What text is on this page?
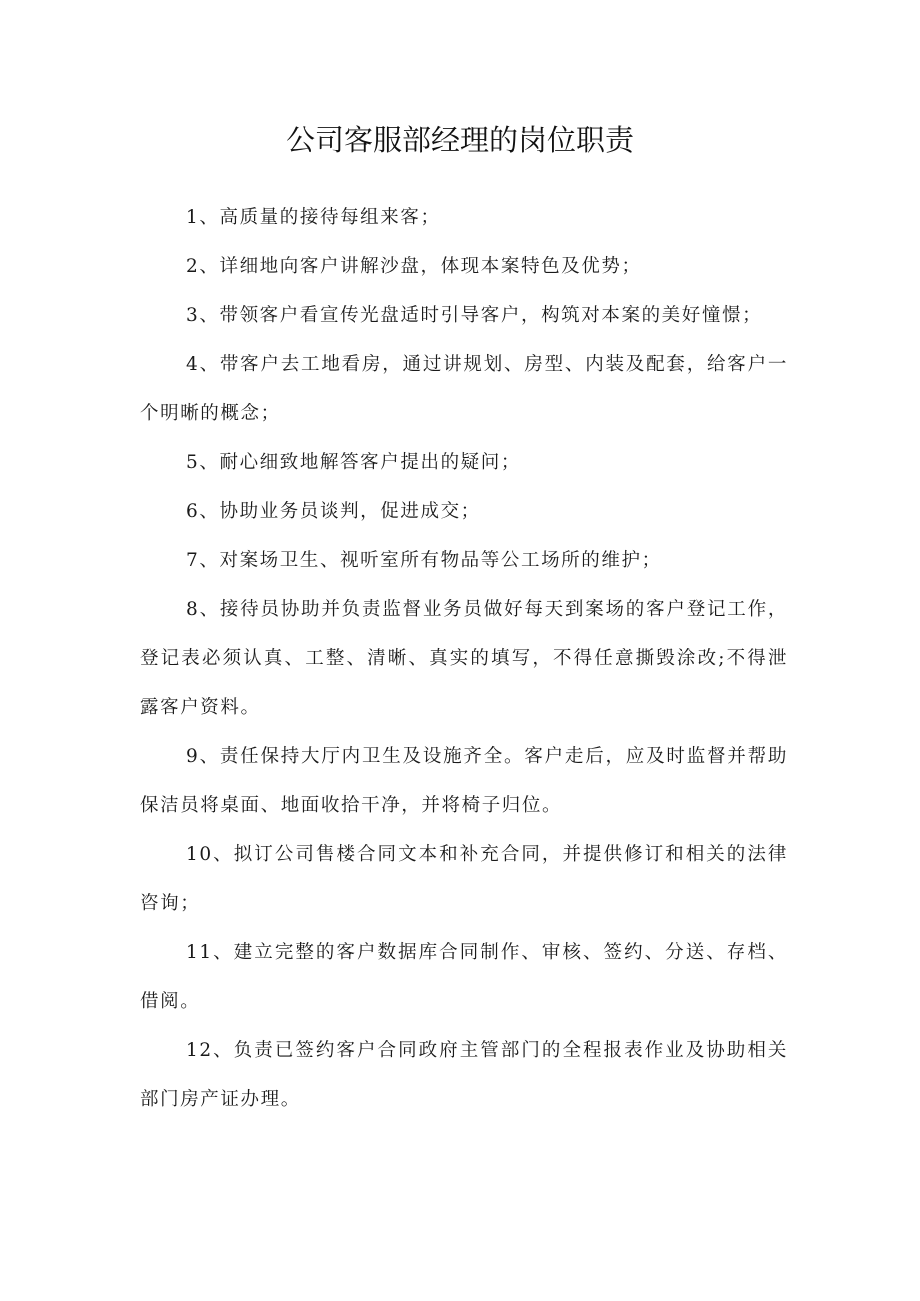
公司客服部经理的岗位职责

1、高质量的接待每组来客；

2、详细地向客户讲解沙盘，体现本案特色及优势；

3、带领客户看宣传光盘适时引导客户，构筑对本案的美好憧憬；

4、带客户去工地看房，通过讲规划、房型、内装及配套，给客户一个明晰的概念；

5、耐心细致地解答客户提出的疑问；

6、协助业务员谈判，促进成交；

7、对案场卫生、视听室所有物品等公工场所的维护；

8、接待员协助并负责监督业务员做好每天到案场的客户登记工作，登记表必须认真、工整、清晰、真实的填写，不得任意撕毁涂改;不得泄露客户资料。

9、责任保持大厅内卫生及设施齐全。客户走后，应及时监督并帮助保洁员将桌面、地面收拾干净，并将椅子归位。

10、拟订公司售楼合同文本和补充合同，并提供修订和相关的法律咨询；

11、建立完整的客户数据库合同制作、审核、签约、分送、存档、借阅。

12、负责已签约客户合同政府主管部门的全程报表作业及协助相关部门房产证办理。
